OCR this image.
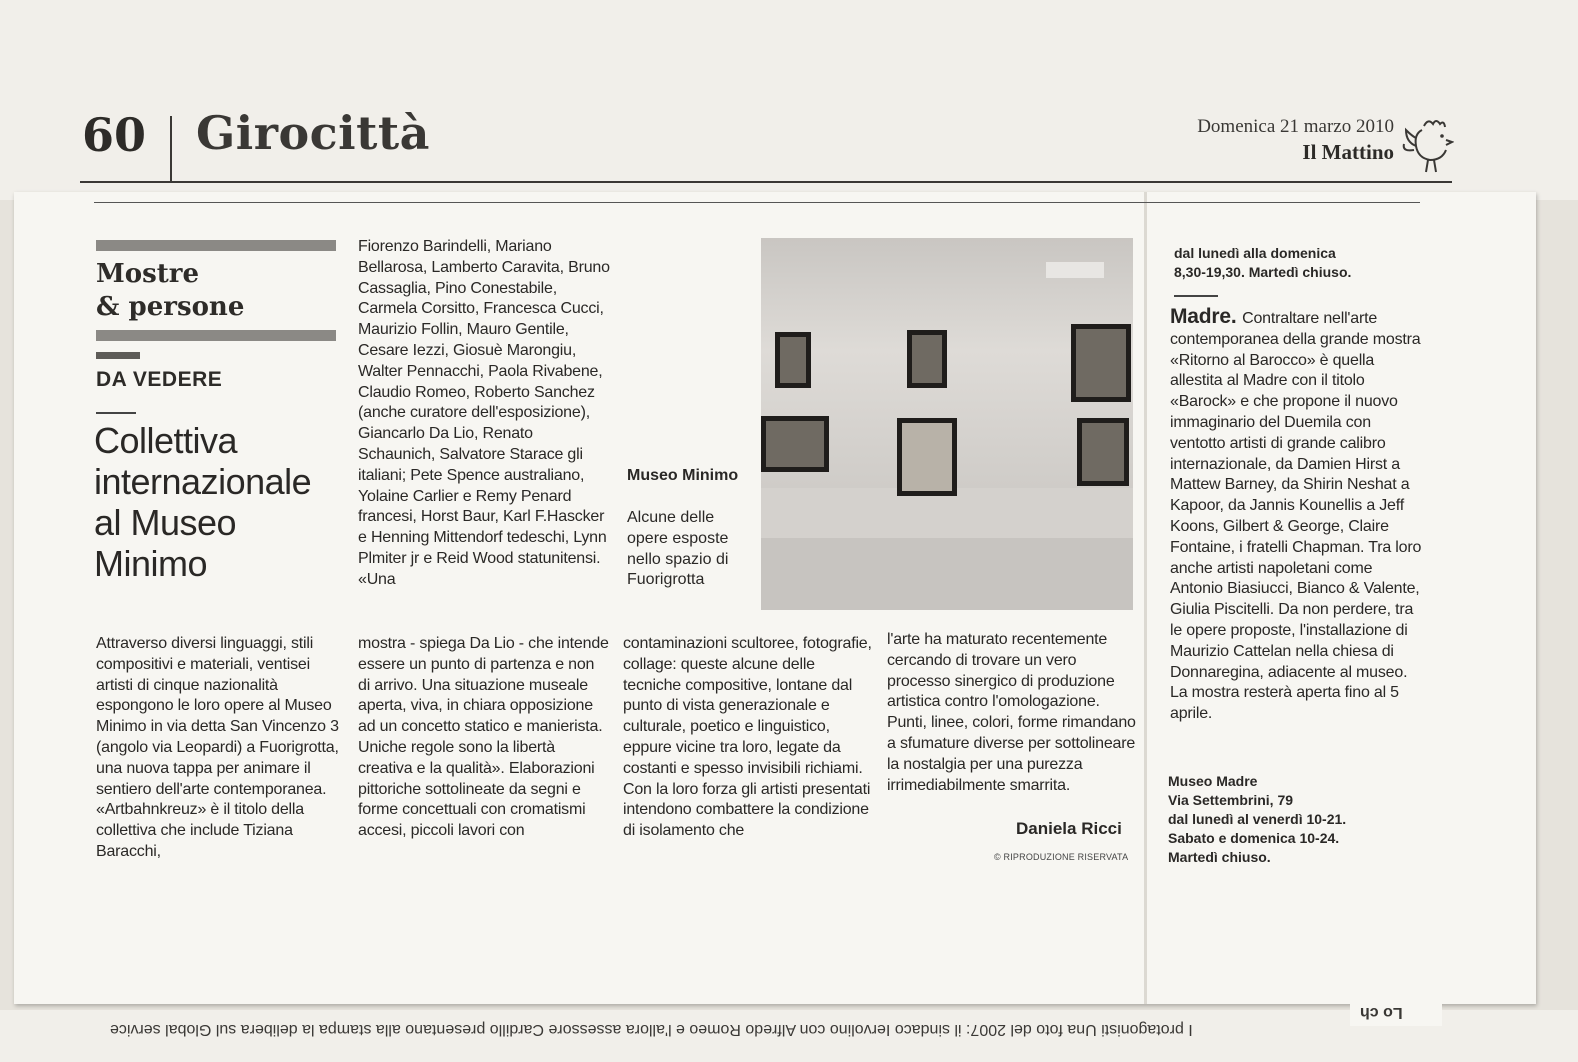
60 Girocittà	Domenica 21 marzo 2010
Il Mattino
Mostre
& persone
DA VEDERE
Collettiva internazionale al Museo Minimo

Fiorenzo Barindelli, Mariano Bellarosa, Lamberto Caravita, Bruno Cassaglia, Pino Conestabile, Carmela Corsitto, Francesca Cucci, Maurizio Follin, Mauro Gentile, Cesare Iezzi, Giosuè Marongiu, Walter Pennacchi, Paola Rivabene, Claudio Romeo, Roberto Sanchez (anche curatore dell'esposizione), Giancarlo Da Lio, Renato Schaunich, Salvatore Starace gli italiani; Pete Spence australiano, Yolaine Carlier e Remy Penard francesi, Horst Baur, Karl F.Hascker e Henning Mittendorf tedeschi, Lynn Plmiter jr e Reid Wood statunitensi. «Una

Museo Minimo
Alcune delle opere esposte nello spazio di Fuorigrotta

Attraverso diversi linguaggi, stili compositivi e materiali, ventisei artisti di cinque nazionalità espongono le loro opere al Museo Minimo in via detta San Vincenzo 3 (angolo via Leopardi) a Fuorigrotta, una nuova tappa per animare il sentiero dell'arte contemporanea. «Artbahnkreuz» è il titolo della collettiva che include Tiziana Baracchi,

mostra - spiega Da Lio - che intende essere un punto di partenza e non di arrivo. Una situazione museale aperta, viva, in chiara opposizione ad un concetto statico e manierista. Uniche regole sono la libertà creativa e la qualità». Elaborazioni pittoriche sottolineate da segni e forme concettuali con cromatismi accesi, piccoli lavori con

contaminazioni scultoree, fotografie, collage: queste alcune delle tecniche compositive, lontane dal punto di vista generazionale e culturale, poetico e linguistico, eppure vicine tra loro, legate da costanti e spesso invisibili richiami. Con la loro forza gli artisti presentati intendono combattere la condizione di isolamento che

l'arte ha maturato recentemente cercando di trovare un vero processo sinergico di produzione artistica contro l'omologazione. Punti, linee, colori, forme rimandano a sfumature diverse per sottolineare la nostalgia per una purezza irrimediabilmente smarrita.

Daniela Ricci
© RIPRODUZIONE RISERVATA
dal lunedì alla domenica
8,30-19,30. Martedì chiuso.
Madre. Contraltare nell'arte contemporanea della grande mostra «Ritorno al Barocco» è quella allestita al Madre con il titolo «Barock» e che propone il nuovo immaginario del Duemila con ventotto artisti di grande calibro internazionale, da Damien Hirst a Mattew Barney, da Shirin Neshat a Kapoor, da Jannis Kounellis a Jeff Koons, Gilbert & George, Claire Fontaine, i fratelli Chapman. Tra loro anche artisti napoletani come Antonio Biasiucci, Bianco & Valente, Giulia Piscitelli. Da non perdere, tra le opere proposte, l'installazione di Maurizio Cattelan nella chiesa di Donnaregina, adiacente al museo. La mostra resterà aperta fino al 5 aprile.
Museo Madre
Via Settembrini, 79
dal lunedì al venerdì 10-21.
Sabato e domenica 10-24.
Martedì chiuso.
I protagonisti Una foto del 2007: il sindaco Iervolino con Alfredo Romeo e l'allora assessore Cardillo presentano alla stampa la delibera sul Global service
Lo ch
